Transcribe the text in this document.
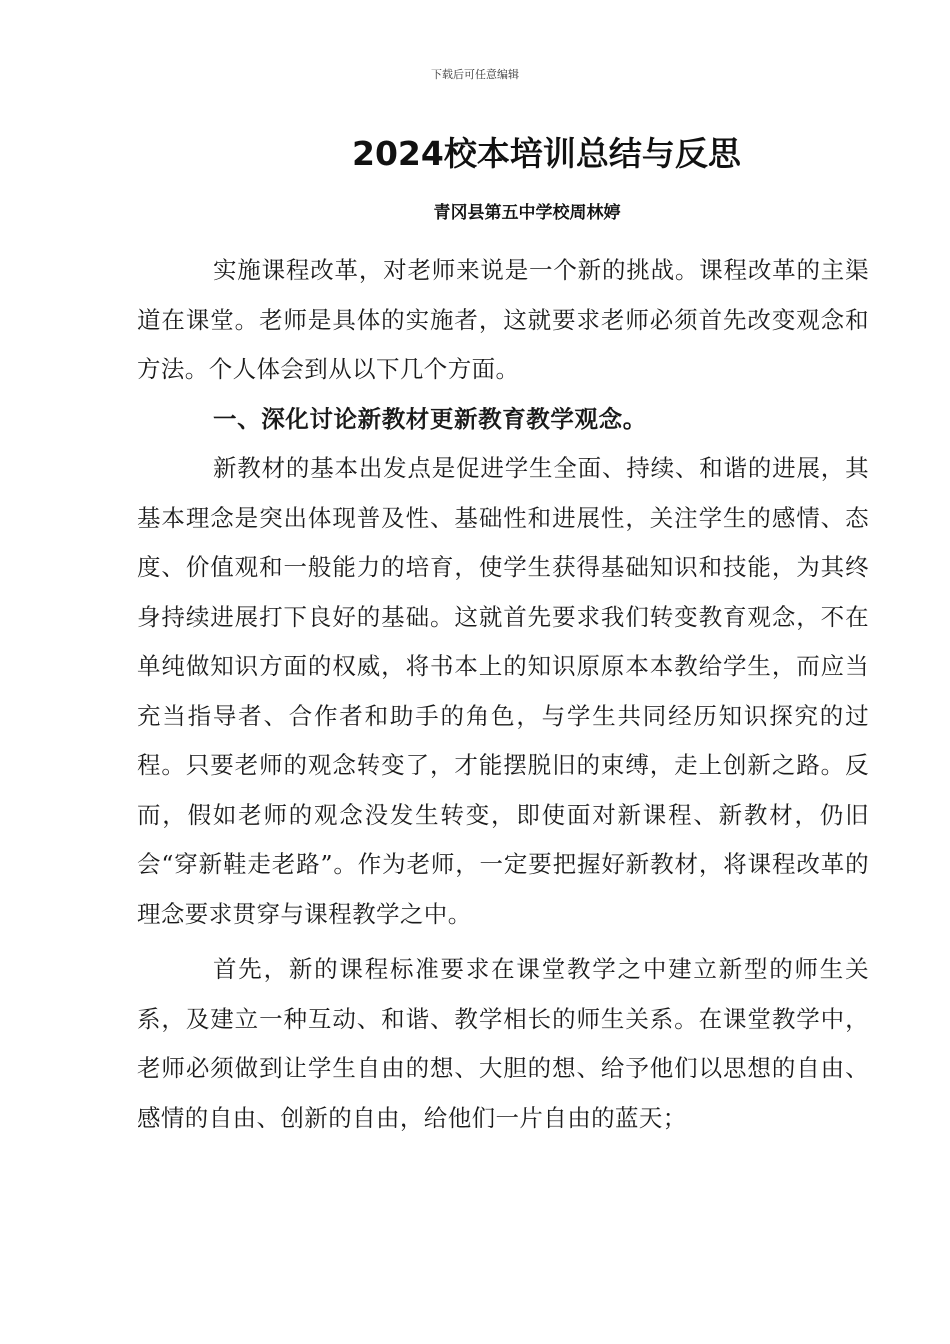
下载后可任意编辑
2024校本培训总结与反思
青冈县第五中学校周林婷

实施课程改革，对老师来说是一个新的挑战。课程改革的主渠道在课堂。老师是具体的实施者，这就要求老师必须首先改变观念和方法。个人体会到从以下几个方面。

一、深化讨论新教材更新教育教学观念。

新教材的基本出发点是促进学生全面、持续、和谐的进展，其基本理念是突出体现普及性、基础性和进展性，关注学生的感情、态度、价值观和一般能力的培育，使学生获得基础知识和技能，为其终身持续进展打下良好的基础。这就首先要求我们转变教育观念，不在单纯做知识方面的权威，将书本上的知识原原本本教给学生，而应当充当指导者、合作者和助手的角色，与学生共同经历知识探究的过程。只要老师的观念转变了，才能摆脱旧的束缚，走上创新之路。反而，假如老师的观念没发生转变，即使面对新课程、新教材，仍旧会“穿新鞋走老路”。作为老师，一定要把握好新教材，将课程改革的理念要求贯穿与课程教学之中。

首先，新的课程标准要求在课堂教学之中建立新型的师生关系，及建立一种互动、和谐、教学相长的师生关系。在课堂教学中，老师必须做到让学生自由的想、大胆的想、给予他们以思想的自由、感情的自由、创新的自由，给他们一片自由的蓝天；
